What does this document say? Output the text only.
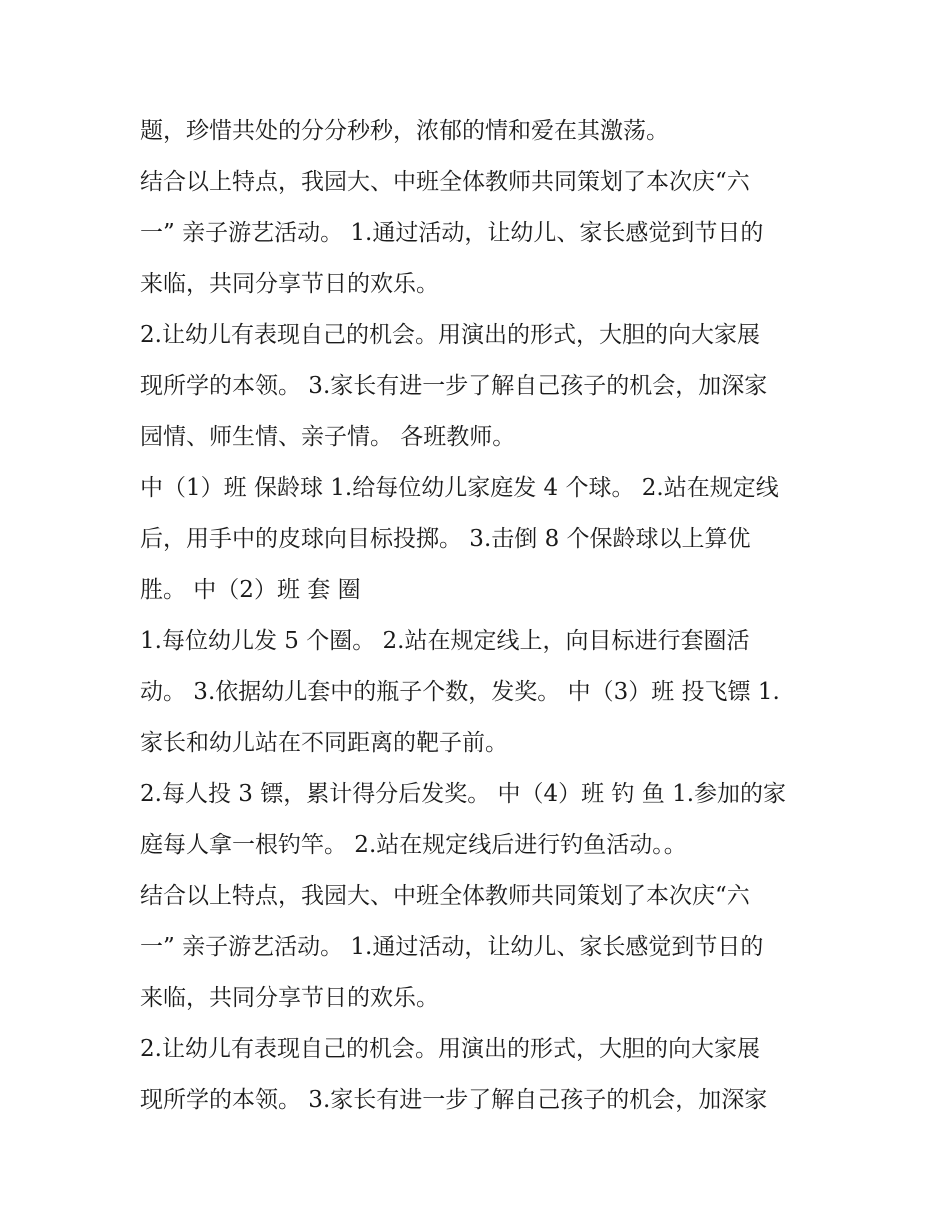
题，珍惜共处的分分秒秒，浓郁的情和爱在其激荡。
结合以上特点，我园大、中班全体教师共同策划了本次庆“六
一” 亲子游艺活动。 1.通过活动，让幼儿、家长感觉到节日的
来临，共同分享节日的欢乐。
2.让幼儿有表现自己的机会。用演出的形式，大胆的向大家展
现所学的本领。 3.家长有进一步了解自己孩子的机会，加深家
园情、师生情、亲子情。 各班教师。
中（1）班 保龄球 1.给每位幼儿家庭发 4 个球。 2.站在规定线
后，用手中的皮球向目标投掷。 3.击倒 8 个保龄球以上算优
胜。 中（2）班 套 圈
1.每位幼儿发 5 个圈。 2.站在规定线上，向目标进行套圈活
动。 3.依据幼儿套中的瓶子个数，发奖。 中（3）班 投飞镖 1.
家长和幼儿站在不同距离的靶子前。
2.每人投 3 镖，累计得分后发奖。 中（4）班 钓 鱼 1.参加的家
庭每人拿一根钓竿。 2.站在规定线后进行钓鱼活动。。
结合以上特点，我园大、中班全体教师共同策划了本次庆“六
一” 亲子游艺活动。 1.通过活动，让幼儿、家长感觉到节日的
来临，共同分享节日的欢乐。
2.让幼儿有表现自己的机会。用演出的形式，大胆的向大家展
现所学的本领。 3.家长有进一步了解自己孩子的机会，加深家
